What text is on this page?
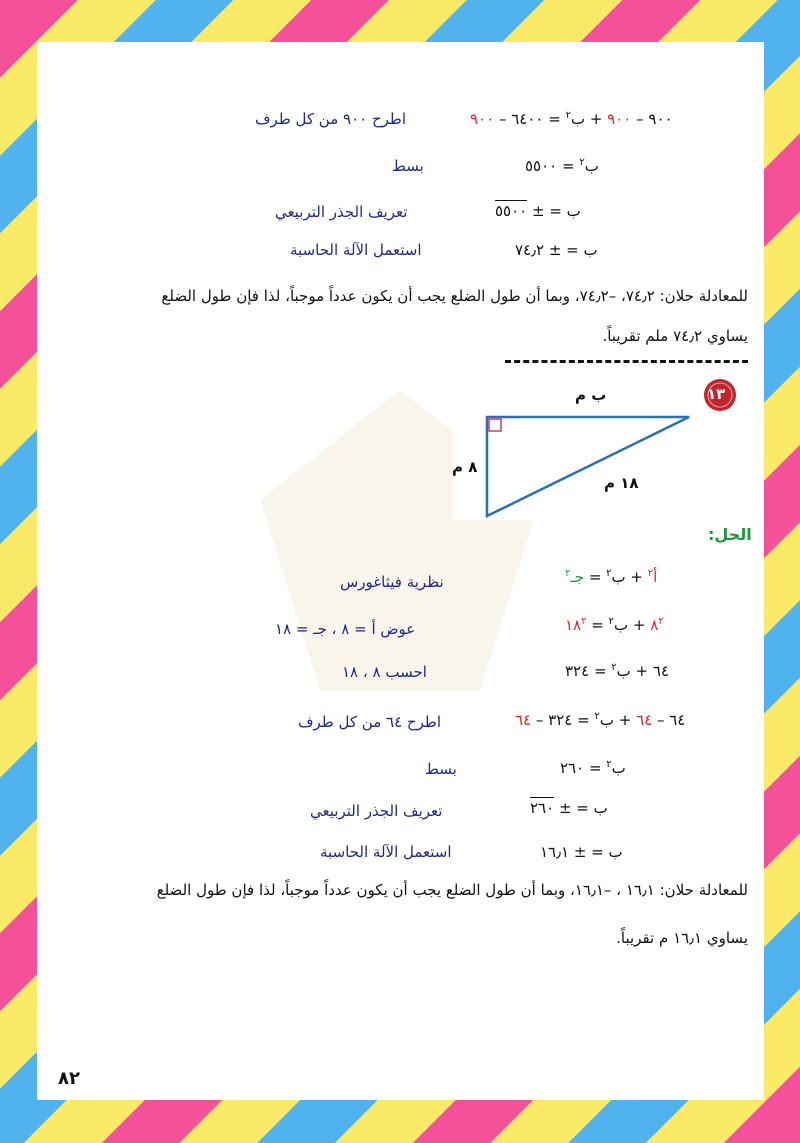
٩٠٠ – ٩٠٠ + ب$^٢$ = ٦٤٠٠ – ٩٠٠
اطرح ٩٠٠ من كل طرف
ب$^٢$ = ٥٥٠٠
بسط
ب = ± ٥٥٠٠
تعريف الجذر التربيعي
ب = ± ٧٤٫٢
استعمل الآلة الحاسبة
للمعادلة حلان: ٧٤٫٢، –٧٤٫٢، وبما أن طول الضلع يجب أن يكون عدداً موجباً، لذا فإن طول الضلع
يساوي ٧٤٫٢ ملم تقريباً.
١٣
ب م
٨ م
١٨ م
الحل:
أ$^٢$ + ب$^٢$ = جـ$^٢$
نظرية فيثاغورس
$٨^٢$ + ب$^٢$ = $١٨^٢$
عوض أ = ٨ ، جـ = ١٨
٦٤ + ب$^٢$ = ٣٢٤
احسب ٨ ، ١٨
٦٤ – ٦٤ + ب$^٢$ = ٣٢٤ – ٦٤
اطرح ٦٤ من كل طرف
ب$^٢$ = ٢٦٠
بسط
ب = ± ٢٦٠
تعريف الجذر التربيعي
ب = ± ١٦٫١
استعمل الآلة الحاسبة
للمعادلة حلان: ١٦٫١ ، –١٦٫١، وبما أن طول الضلع يجب أن يكون عدداً موجباً، لذا فإن طول الضلع
يساوي ١٦٫١ م تقريباً.
٨٢
